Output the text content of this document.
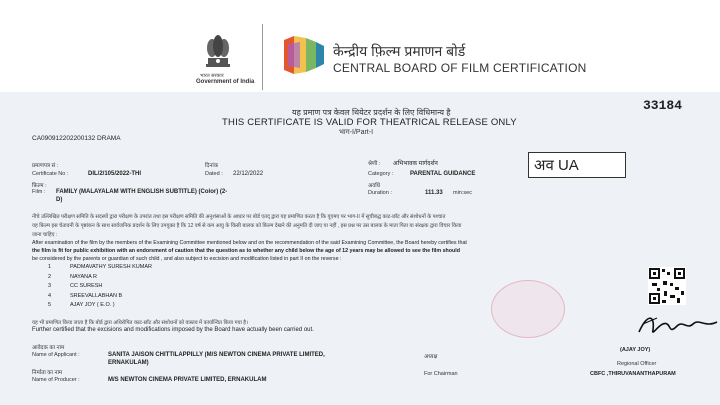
भारत सरकार
Government of India
केन्द्रीय फ़िल्म प्रमाणन बोर्ड
CENTRAL BOARD OF FILM CERTIFICATION
33184
यह प्रमाण पत्र केवल थियेटर प्रदर्शन के लिए विधिमान्य है
THIS CERTIFICATE IS VALID FOR THEATRICAL RELEASE ONLY
भाग-I/Part-I
CA090912202200132 DRAMA
प्रमाणपत्र सं :
Certificate No :	DIL/2/105/2022-THI
फ़िल्म :
Film : FAMILY (MALAYALAM WITH ENGLISH SUBTITLE) (Color) (2-
D)
दिनांक
Dated : 22/12/2022
श्रेणी : अभिभावक मार्गदर्शन
Category :	PARENTAL GUIDANCE
अवधि
Duration :	111.33 min:sec
अव UA
नीचे उल्लिखित परीक्षण समिति के सदस्यों द्वारा परीक्षण के उपरांत तथा इस परीक्षण समिति की अनुशंसाओं के आधार पर बोर्ड एतद् द्वारा यह प्रमाणित करता है कि यूएमए पर भाग-II में सूचीबद्ध काट-छाँट और संशोधनों के पश्चात
यह फ़िल्म इस चेतावनी के पृष्ठांकन के साथ सार्वजनिक प्रदर्शन के लिए उपयुक्त है कि 12 वर्ष से कम आयु के किसी बालक को फ़िल्म देखने की अनुमति दी जाए या नहीं , इस प्रश्न पर उस बालक के माता पिता या संरक्षक द्वारा विचार किया
जाना चाहिए :
After examination of the film by the members of the Examining Committee mentioned below and on the recommendation of the said Examining Committee, the Board hereby certifies that
the film is fit for public exhibition with an endorsment of caution that the question as to whether any child below the age of 12 years may be allowed to see the film should
be considered by the parents or guardian of such child , and also subject to excision and modification listed in part II on the reverse :
1	PADMAVATHY SURESH KUMAR
2	NAYANA R
3	CC SURESH
4	SREEVALLABHAN B
5	AJAY JOY ( E.O. )
यह भी प्रमाणित किया जाता है कि बोर्ड द्वारा अधिरोपित काट-छाँट और संशोधनों को वास्तव में कार्यान्वित किया गया है।
Further certified that the excisions and modifications imposed by the Board have actually been carried out.
आवेदक का नाम
Name of Applicant :	SANITA JAISON CHITTILAPPILLY (M/S NEWTON CINEMA PRIVATE LIMITED,
ERNAKULAM)
निर्माता का नाम
Name of Producer :	M/S NEWTON CINEMA PRIVATE LIMITED, ERNAKULAM
अध्यक्ष
For Chairman
(AJAY JOY)
Regional Officer
CBFC ,THIRUVANANTHAPURAM
